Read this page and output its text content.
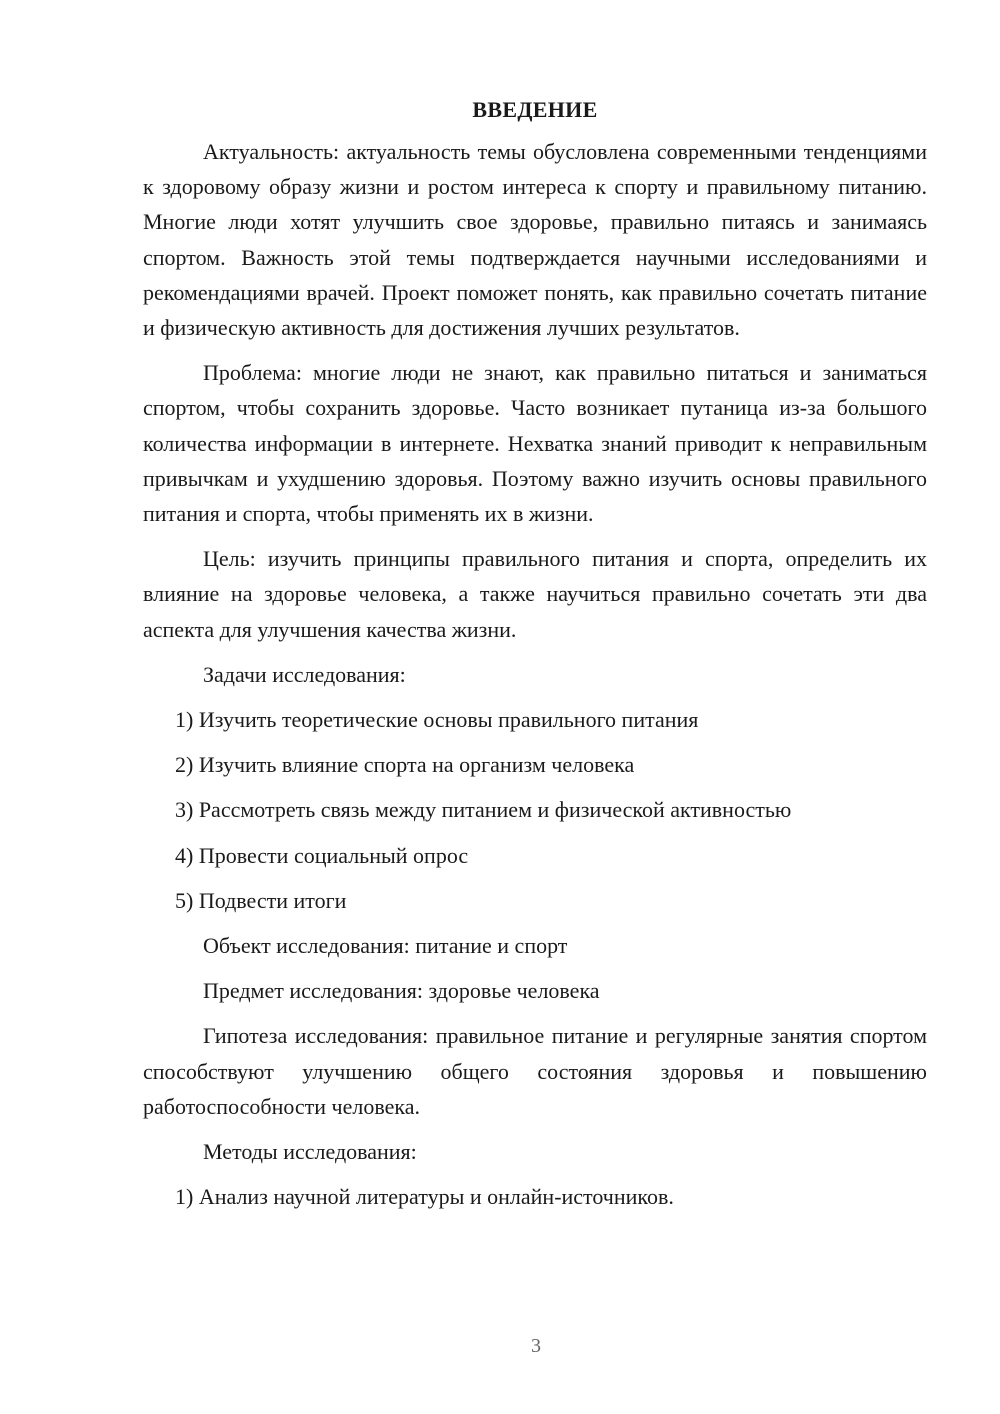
ВВЕДЕНИЕ

Актуальность: актуальность темы обусловлена современными тенденциями к здоровому образу жизни и ростом интереса к спорту и правильному питанию. Многие люди хотят улучшить свое здоровье, правильно питаясь и занимаясь спортом. Важность этой темы подтверждается научными исследованиями и рекомендациями врачей. Проект поможет понять, как правильно сочетать питание и физическую активность для достижения лучших результатов.

Проблема: многие люди не знают, как правильно питаться и заниматься спортом, чтобы сохранить здоровье. Часто возникает путаница из-за большого количества информации в интернете. Нехватка знаний приводит к неправильным привычкам и ухудшению здоровья. Поэтому важно изучить основы правильного питания и спорта, чтобы применять их в жизни.

Цель: изучить принципы правильного питания и спорта, определить их влияние на здоровье человека, а также научиться правильно сочетать эти два аспекта для улучшения качества жизни.

Задачи исследования:

1) Изучить теоретические основы правильного питания

2) Изучить влияние спорта на организм человека

3) Рассмотреть связь между питанием и физической активностью

4) Провести социальный опрос

5) Подвести итоги

Объект исследования: питание и спорт

Предмет исследования: здоровье человека

Гипотеза исследования: правильное питание и регулярные занятия спортом способствуют улучшению общего состояния здоровья и повышению работоспособности человека.

Методы исследования:

1) Анализ научной литературы и онлайн-источников.

3
